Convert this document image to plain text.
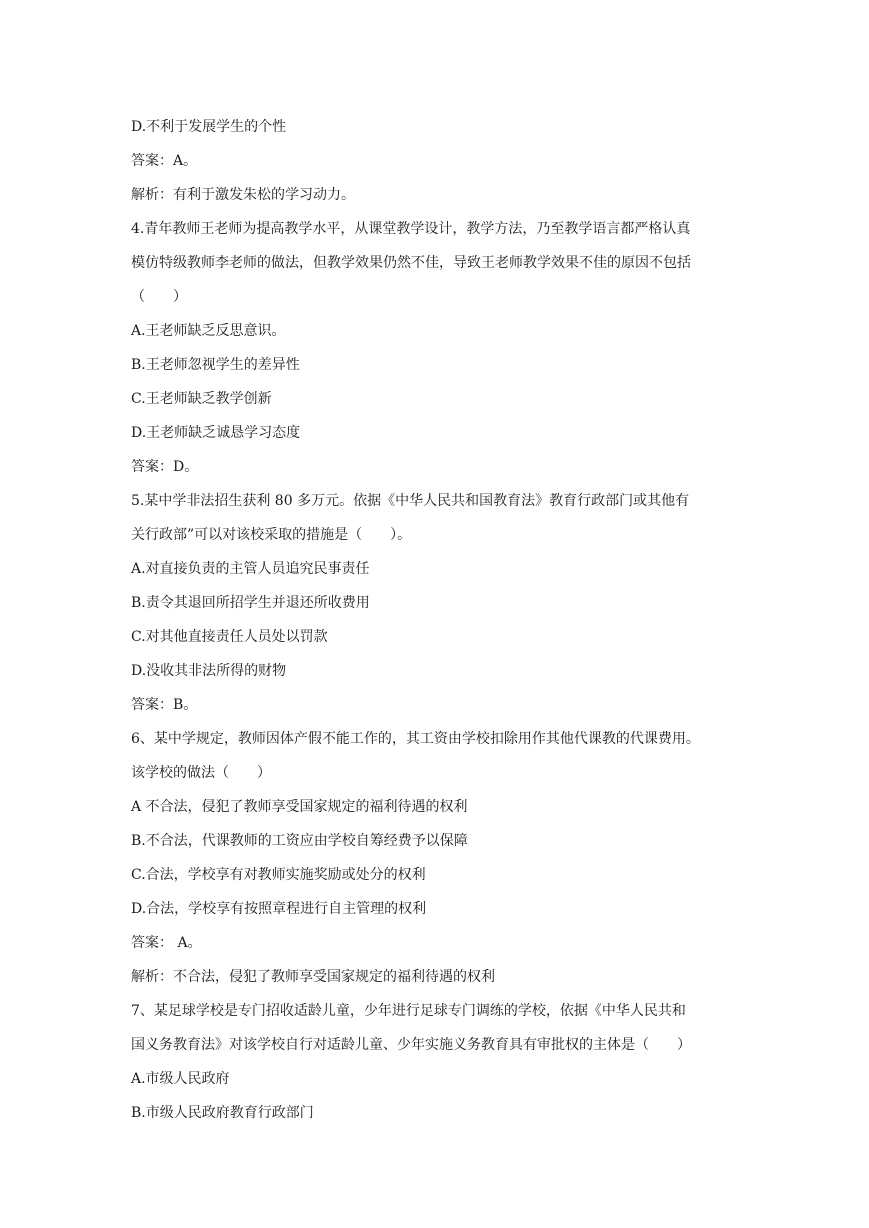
D.不利于发展学生的个性
答案：A。
解析：有利于激发朱松的学习动力。
4.青年教师王老师为提高教学水平，从课堂教学设计，教学方法，乃至教学语言都严格认真
模仿特级教师李老师的做法，但教学效果仍然不佳，导致王老师教学效果不佳的原因不包括
（　　）
A.王老师缺乏反思意识。
B.王老师忽视学生的差异性
C.王老师缺乏教学创新
D.王老师缺乏诚恳学习态度
答案：D。
5.某中学非法招生获利 80 多万元。依据《中华人民共和国教育法》教育行政部门或其他有
关行政部”可以对该校采取的措施是（　　）。
A.对直接负责的主管人员追究民事责任
B.责令其退回所招学生并退还所收费用
C.对其他直接责任人员处以罚款
D.没收其非法所得的财物
答案：B。
6、某中学规定，教师因体产假不能工作的，其工资由学校扣除用作其他代课教的代课费用。
该学校的做法（　　）
A 不合法，侵犯了教师享受国家规定的福利待遇的权利
B.不合法，代课教师的工资应由学校自筹经费予以保障
C.合法，学校享有对教师实施奖励或处分的权利
D.合法，学校享有按照章程进行自主管理的权利
答案： A。
解析：不合法，侵犯了教师享受国家规定的福利待遇的权利
7、某足球学校是专门招收适龄儿童，少年进行足球专门调练的学校，依据《中华人民共和
国义务教育法》对该学校自行对适龄儿童、少年实施义务教育具有审批权的主体是（　　）
A.市级人民政府
B.市级人民政府教育行政部门
